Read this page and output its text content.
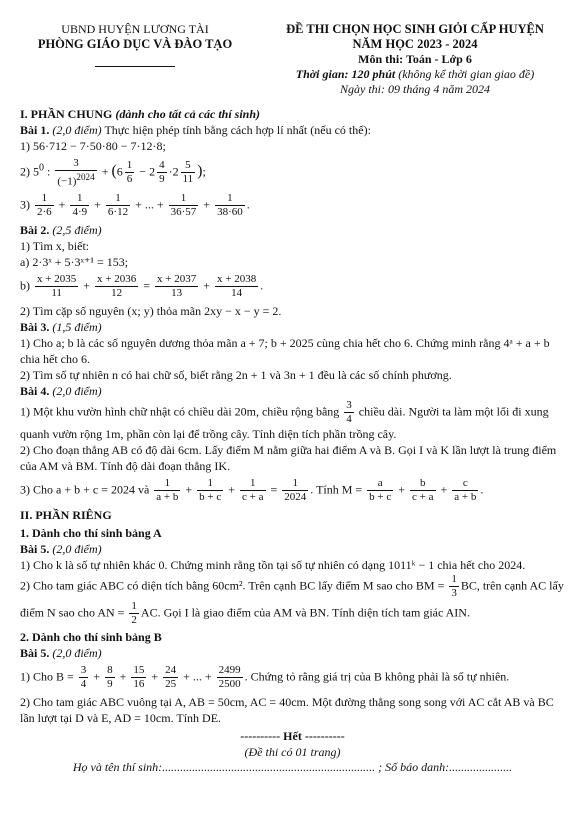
UBND HUYỆN LƯƠNG TÀI
PHÒNG GIÁO DỤC VÀ ĐÀO TẠO
ĐỀ THI CHỌN HỌC SINH GIỎI CẤP HUYỆN
NĂM HỌC 2023 - 2024
Môn thi: Toán - Lớp 6
Thời gian: 120 phút (không kể thời gian giao đề)
Ngày thi: 09 tháng 4 năm 2024
I. PHẦN CHUNG (dành cho tất cả các thí sinh)
Bài 1. (2,0 điểm) Thực hiện phép tính bằng cách hợp lí nhất (nếu có thể):
1) 56·712 − 7·50·80 − 7·12·8;
2) $5^0$ : $\frac{3}{(-1)^{2024}} + (6 \frac{1}{6} - 2 \frac{4}{9} \cdot 2 \frac{5}{11}$ );
$3) \frac{1}{2\cdot 6} + \frac{1}{4\cdot 9} + \frac{1}{6\cdot 12}$ + ... + $\frac{1}{36\cdot 57} + \frac{1}{38\cdot 60}$ .
Bài 2. (2,5 điểm)
1) Tìm x, biết:
a) 2·3ˣ + 5·3ˣ⁺¹ = 153;
$b) \frac{x + 2035}{11} + \frac{x + 2036}{12} = \frac{x + 2037}{13} + \frac{x + 2038}{14}$ .
2) Tìm cặp số nguyên (x; y) thỏa mãn 2xy − x − y = 2.
Bài 3. (1,5 điểm)
1) Cho a; b là các số nguyên dương thỏa mãn a + 7; b + 2025 cùng chia hết cho 6. Chứng minh rằng 4ᵃ + a + b chia hết cho 6.
2) Tìm số tự nhiên n có hai chữ số, biết rằng 2n + 1 và 3n + 1 đều là các số chính phương.
Bài 4. (2,0 điểm)
1) Một khu vườn hình chữ nhật có chiều dài 20m, chiều rộng bằng $\frac{3}{4}$ chiều dài. Người ta làm một lối đi xung quanh vườn rộng 1m, phần còn lại để trồng cây. Tính diện tích phần trồng cây.
2) Cho đoạn thẳng AB có độ dài 6cm. Lấy điểm M nằm giữa hai điểm A và B. Gọi I và K lần lượt là trung điểm của AM và BM. Tính độ dài đoạn thẳng IK.
3) Cho a + b + c = 2024 và $\frac{1}{a + b} + \frac{1}{b + c} + \frac{1}{c + a} = \frac{1}{2024}$ . Tính $M = \frac{a}{b + c} + \frac{b}{c + a} + \frac{c}{a + b}$ .
II. PHẦN RIÊNG
1. Dành cho thí sinh bảng A
Bài 5. (2,0 điểm)
1) Cho k là số tự nhiên khác 0. Chứng minh rằng tồn tại số tự nhiên có dạng 1011ᵏ − 1 chia hết cho 2024.
2) Cho tam giác ABC có diện tích bằng 60cm². Trên cạnh BC lấy điểm M sao cho BM = $\frac{1}{3}$ BC, trên cạnh AC lấy điểm N sao cho AN = $\frac{1}{2}$ AC. Gọi I là giao điểm của AM và BN. Tính diện tích tam giác AIN.
2. Dành cho thí sinh bảng B
Bài 5. (2,0 điểm)
1) Cho $B = \frac{3}{4} + \frac{8}{9} + \frac{15}{16} + \frac{24}{25}$ + ... + $\frac{2499}{2500}$ . Chứng tỏ rằng giá trị của B không phải là số tự nhiên.
2) Cho tam giác ABC vuông tại A, AB = 50cm, AC = 40cm. Một đường thẳng song song với AC cắt AB và BC lần lượt tại D và E, AD = 10cm. Tính DE.
---------- Hết ----------
(Đề thi có 01 trang)
Họ và tên thí sinh:....................................................................... ; Số báo danh:.....................
